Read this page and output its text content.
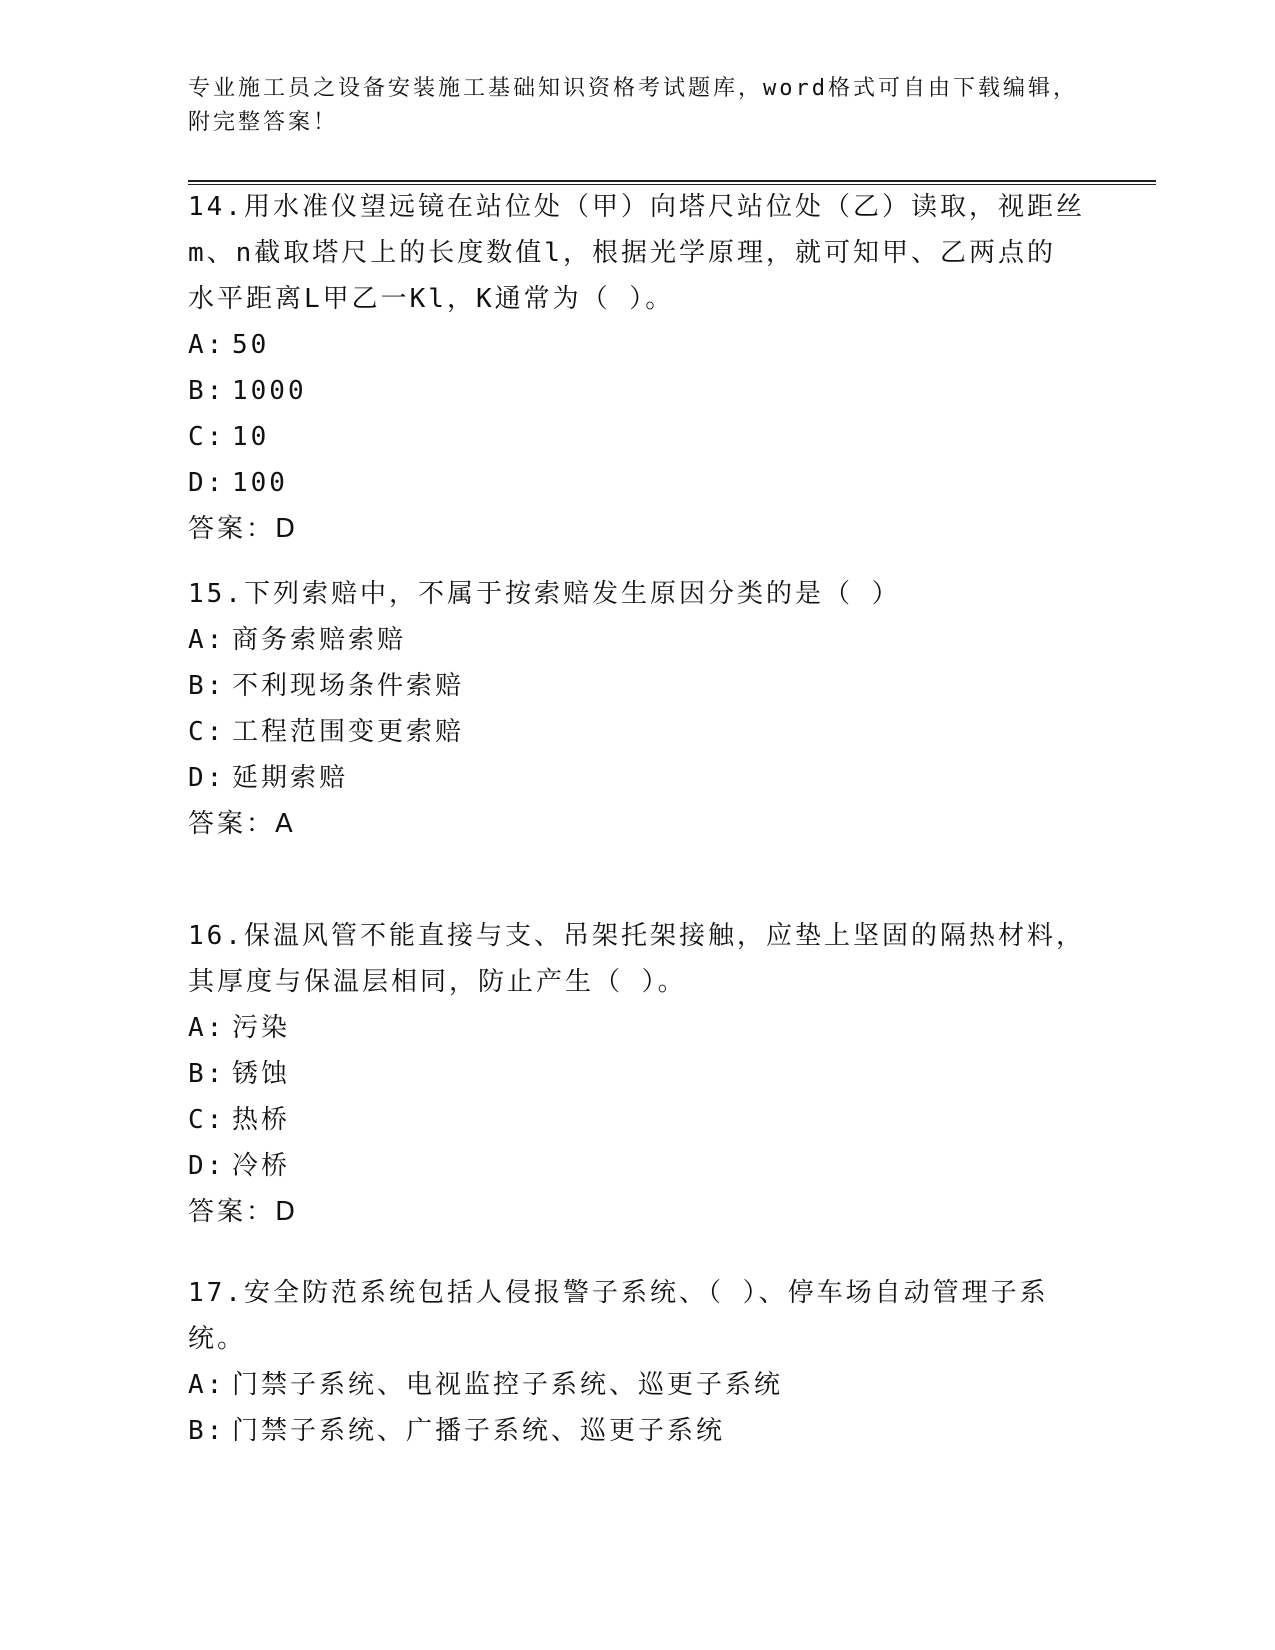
专业施工员之设备安装施工基础知识资格考试题库，word格式可自由下载编辑，
附完整答案！
14.用水准仪望远镜在站位处（甲）向塔尺站位处（乙）读取，视距丝
m、n截取塔尺上的长度数值l，根据光学原理，就可知甲、乙两点的
水平距离L甲乙一Kl，K通常为（ ）。
A: 50
B: 1000
C: 10
D: 100
答案：D
15.下列索赔中，不属于按索赔发生原因分类的是（ ）
A: 商务索赔索赔
B: 不利现场条件索赔
C: 工程范围变更索赔
D: 延期索赔
答案：A
16.保温风管不能直接与支、吊架托架接触，应垫上坚固的隔热材料，
其厚度与保温层相同，防止产生（ ）。
A: 污染
B: 锈蚀
C: 热桥
D: 冷桥
答案：D
17.安全防范系统包括人侵报警子系统、（ ）、停车场自动管理子系
统。
A: 门禁子系统、电视监控子系统、巡更子系统
B: 门禁子系统、广播子系统、巡更子系统
